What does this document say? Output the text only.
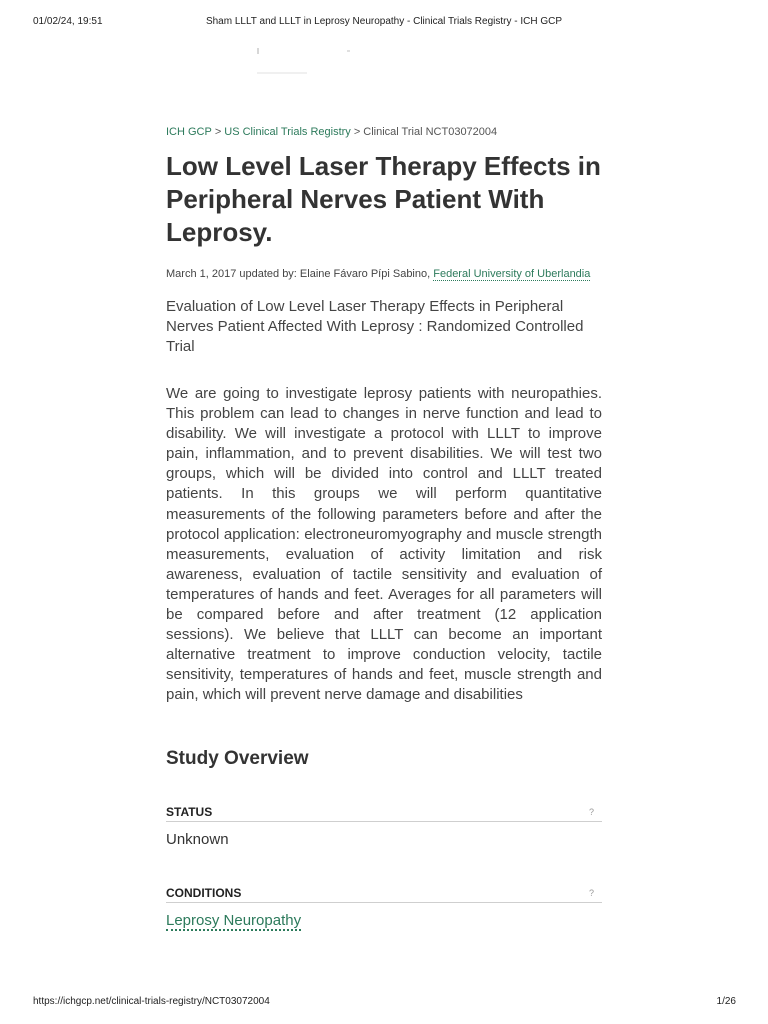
01/02/24, 19:51	Sham LLLT and LLLT in Leprosy Neuropathy - Clinical Trials Registry - ICH GCP
ICH GCP > US Clinical Trials Registry > Clinical Trial NCT03072004
Low Level Laser Therapy Effects in Peripheral Nerves Patient With Leprosy.
March 1, 2017 updated by: Elaine Fávaro Pípi Sabino, Federal University of Uberlandia
Evaluation of Low Level Laser Therapy Effects in Peripheral Nerves Patient Affected With Leprosy : Randomized Controlled Trial
We are going to investigate leprosy patients with neuropathies. This problem can lead to changes in nerve function and lead to disability. We will investigate a protocol with LLLT to improve pain, inflammation, and to prevent disabilities. We will test two groups, which will be divided into control and LLLT treated patients. In this groups we will perform quantitative measurements of the following parameters before and after the protocol application: electroneuromyography and muscle strength measurements, evaluation of activity limitation and risk awareness, evaluation of tactile sensitivity and evaluation of temperatures of hands and feet. Averages for all parameters will be compared before and after treatment (12 application sessions). We believe that LLLT can become an important alternative treatment to improve conduction velocity, tactile sensitivity, temperatures of hands and feet, muscle strength and pain, which will prevent nerve damage and disabilities
Study Overview
STATUS	?
Unknown
CONDITIONS	?
Leprosy Neuropathy
https://ichgcp.net/clinical-trials-registry/NCT03072004	1/26
